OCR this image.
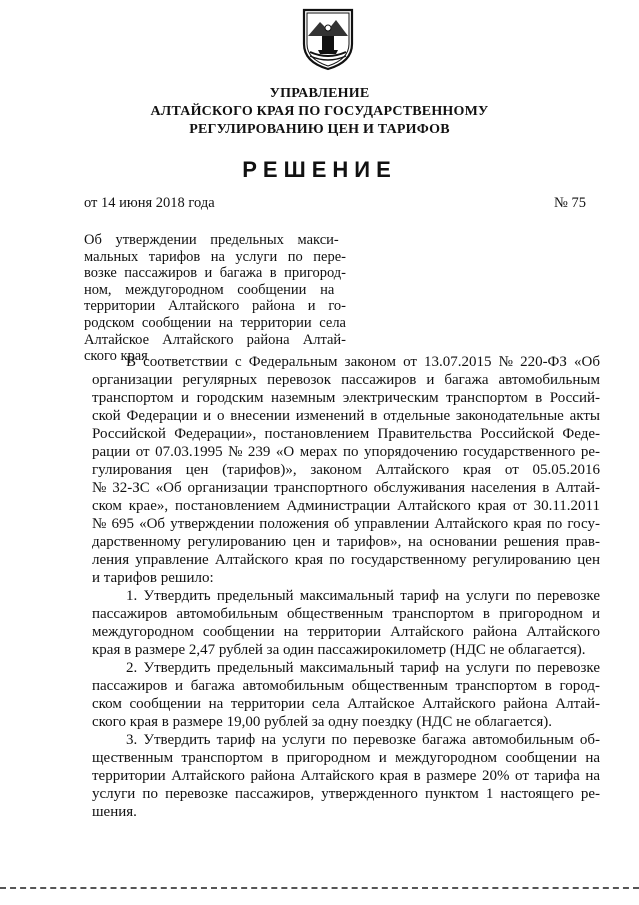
УПРАВЛЕНИЕ
АЛТАЙСКОГО КРАЯ ПО ГОСУДАРСТВЕННОМУ
РЕГУЛИРОВАНИЮ ЦЕН И ТАРИФОВ
РЕШЕНИЕ
от 14 июня 2018 года	№ 75
Об утверждении предельных макси-
мальных тарифов на услуги по пере-
возке пассажиров и багажа в пригород-
ном, междугородном сообщении на
территории Алтайского района и го-
родском сообщении на территории села
Алтайское Алтайского района Алтай-
ского края
В соответствии с Федеральным законом от 13.07.2015 № 220-ФЗ «Об
организации регулярных перевозок пассажиров и багажа автомобильным
транспортом и городским наземным электрическим транспортом в Россий-
ской Федерации и о внесении изменений в отдельные законодательные акты
Российской Федерации», постановлением Правительства Российской Феде-
рации от 07.03.1995 № 239 «О мерах по упорядочению государственного ре-
гулирования цен (тарифов)», законом Алтайского края от 05.05.2016
№ 32-ЗС «Об организации транспортного обслуживания населения в Алтай-
ском крае», постановлением Администрации Алтайского края от 30.11.2011
№ 695 «Об утверждении положения об управлении Алтайского края по госу-
дарственному регулированию цен и тарифов», на основании решения прав-
ления управление Алтайского края по государственному регулированию цен
и тарифов решило:
1. Утвердить предельный максимальный тариф на услуги по перевозке
пассажиров автомобильным общественным транспортом в пригородном и
междугородном сообщении на территории Алтайского района Алтайского
края в размере 2,47 рублей за один пассажирокилометр (НДС не облагается).
2. Утвердить предельный максимальный тариф на услуги по перевозке
пассажиров и багажа автомобильным общественным транспортом в город-
ском сообщении на территории села Алтайское Алтайского района Алтай-
ского края в размере 19,00 рублей за одну поездку (НДС не облагается).
3. Утвердить тариф на услуги по перевозке багажа автомобильным об-
щественным транспортом в пригородном и междугородном сообщении на
территории Алтайского района Алтайского края в размере 20% от тарифа на
услуги по перевозке пассажиров, утвержденного пунктом 1 настоящего ре-
шения.
